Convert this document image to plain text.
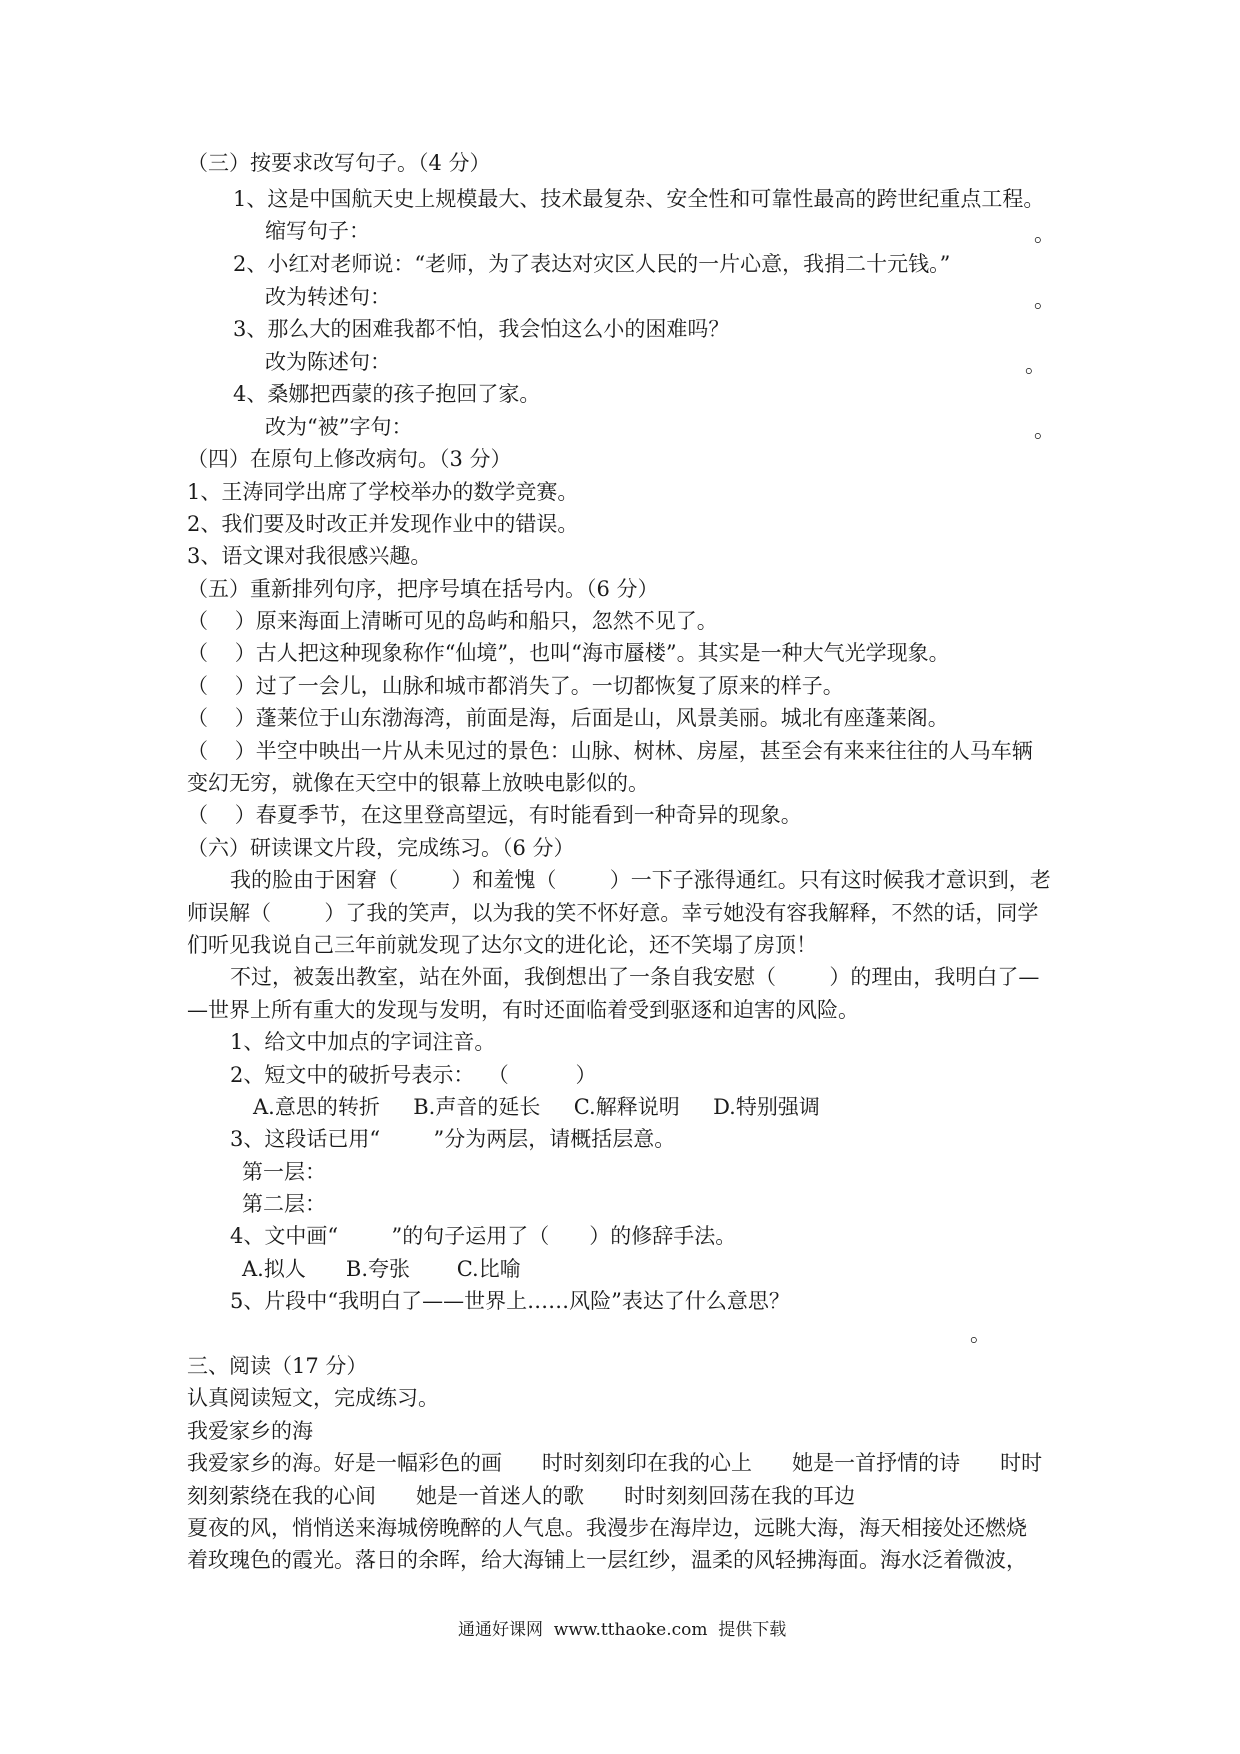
（三）按要求改写句子。（4 分）
1、这是中国航天史上规模最大、技术最复杂、安全性和可靠性最高的跨世纪重点工程。
缩写句子：	。
2、小红对老师说：“老师，为了表达对灾区人民的一片心意，我捐二十元钱。”
改为转述句：	。
3、那么大的困难我都不怕，我会怕这么小的困难吗？
改为陈述句：	。
4、桑娜把西蒙的孩子抱回了家。
改为“被”字句：	。
（四）在原句上修改病句。（3 分）
1、王涛同学出席了学校举办的数学竞赛。
2、我们要及时改正并发现作业中的错误。
3、语文课对我很感兴趣。
（五）重新排列句序，把序号填在括号内。（6 分）
（    ）原来海面上清晰可见的岛屿和船只，忽然不见了。
（    ）古人把这种现象称作“仙境”，也叫“海市蜃楼”。其实是一种大气光学现象。
（    ）过了一会儿，山脉和城市都消失了。一切都恢复了原来的样子。
（    ）蓬莱位于山东渤海湾，前面是海，后面是山，风景美丽。城北有座蓬莱阁。
（    ）半空中映出一片从未见过的景色：山脉、树林、房屋，甚至会有来来往往的人马车辆
变幻无穷，就像在天空中的银幕上放映电影似的。
（    ）春夏季节，在这里登高望远，有时能看到一种奇异的现象。
（六）研读课文片段，完成练习。（6 分）
我的脸由于困窘（        ）和羞愧（        ）一下子涨得通红。只有这时候我才意识到，老
师误解（        ）了我的笑声，以为我的笑不怀好意。幸亏她没有容我解释，不然的话，同学
们听见我说自己三年前就发现了达尔文的进化论，还不笑塌了房顶！
不过，被轰出教室，站在外面，我倒想出了一条自我安慰（        ）的理由，我明白了—
—世界上所有重大的发现与发明，有时还面临着受到驱逐和迫害的风险。
1、给文中加点的字词注音。
2、短文中的破折号表示：  （          ）
A.意思的转折     B.声音的延长     C.解释说明     D.特别强调
3、这段话已用“        ”分为两层，请概括层意。
第一层：
第二层：
4、文中画“        ”的句子运用了（      ）的修辞手法。
A.拟人      B.夸张       C.比喻
5、片段中“我明白了——世界上……风险”表达了什么意思？
。
三、阅读（17 分）
认真阅读短文，完成练习。
我爱家乡的海
我爱家乡的海。好是一幅彩色的画      时时刻刻印在我的心上      她是一首抒情的诗      时时
刻刻萦绕在我的心间      她是一首迷人的歌      时时刻刻回荡在我的耳边
夏夜的风，悄悄送来海城傍晚醉的人气息。我漫步在海岸边，远眺大海，海天相接处还燃烧
着玫瑰色的霞光。落日的余晖，给大海铺上一层红纱，温柔的风轻拂海面。海水泛着微波，
通通好课网  www.tthaoke.com  提供下载
